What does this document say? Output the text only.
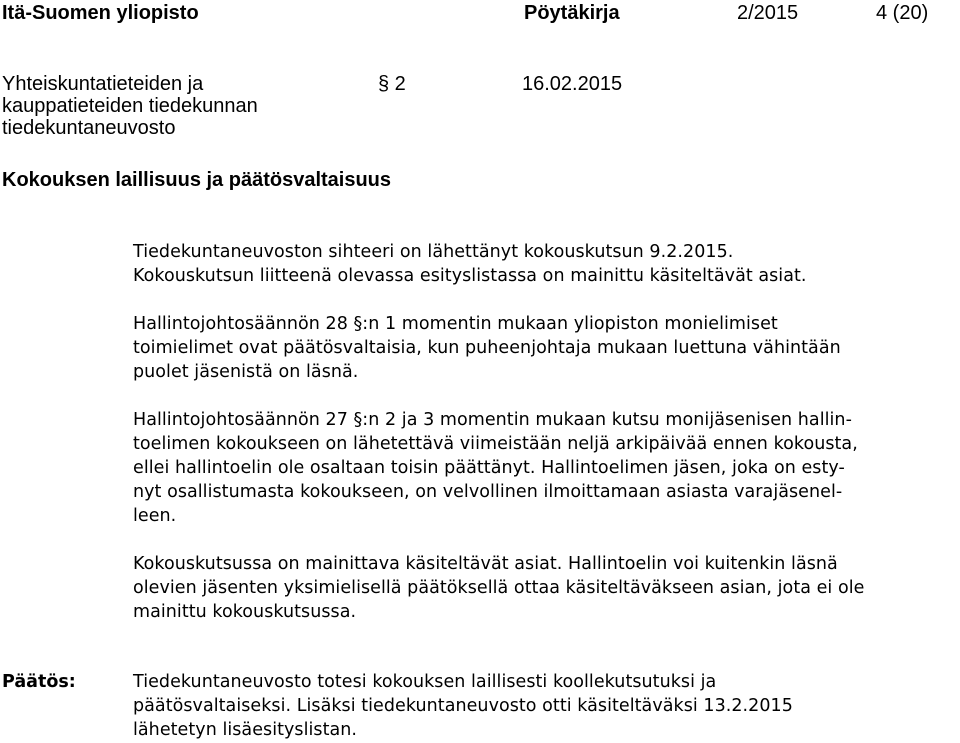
Itä-Suomen yliopisto	Pöytäkirja	2/2015	4 (20)
Yhteiskuntatieteiden ja
kauppatieteiden tiedekunnan
tiedekuntaneuvosto
§ 2	16.02.2015
Kokouksen laillisuus ja päätösvaltaisuus
Tiedekuntaneuvoston sihteeri on lähettänyt kokouskutsun 9.2.2015.
Kokouskutsun liitteenä olevassa esityslistassa on mainittu käsiteltävät asiat.
Hallintojohtosäännön 28 §:n 1 momentin mukaan yliopiston monielimiset
toimielimet ovat päätösvaltaisia, kun puheenjohtaja mukaan luettuna vähintään
puolet jäsenistä on läsnä.
Hallintojohtosäännön 27 §:n 2 ja 3 momentin mukaan kutsu monijäsenisen hallin-
toelimen kokoukseen on lähetettävä viimeistään neljä arkipäivää ennen kokousta,
ellei hallintoelin ole osaltaan toisin päättänyt. Hallintoelimen jäsen, joka on esty-
nyt osallistumasta kokoukseen, on velvollinen ilmoittamaan asiasta varajäsenel-
leen.
Kokouskutsussa on mainittava käsiteltävät asiat. Hallintoelin voi kuitenkin läsnä
olevien jäsenten yksimielisellä päätöksellä ottaa käsiteltäväkseen asian, jota ei ole
mainittu kokouskutsussa.
Päätös:	Tiedekuntaneuvosto totesi kokouksen laillisesti koollekutsutuksi ja
päätösvaltaiseksi. Lisäksi tiedekuntaneuvosto otti käsiteltäväksi 13.2.2015
lähetetyn lisäesityslistan.
